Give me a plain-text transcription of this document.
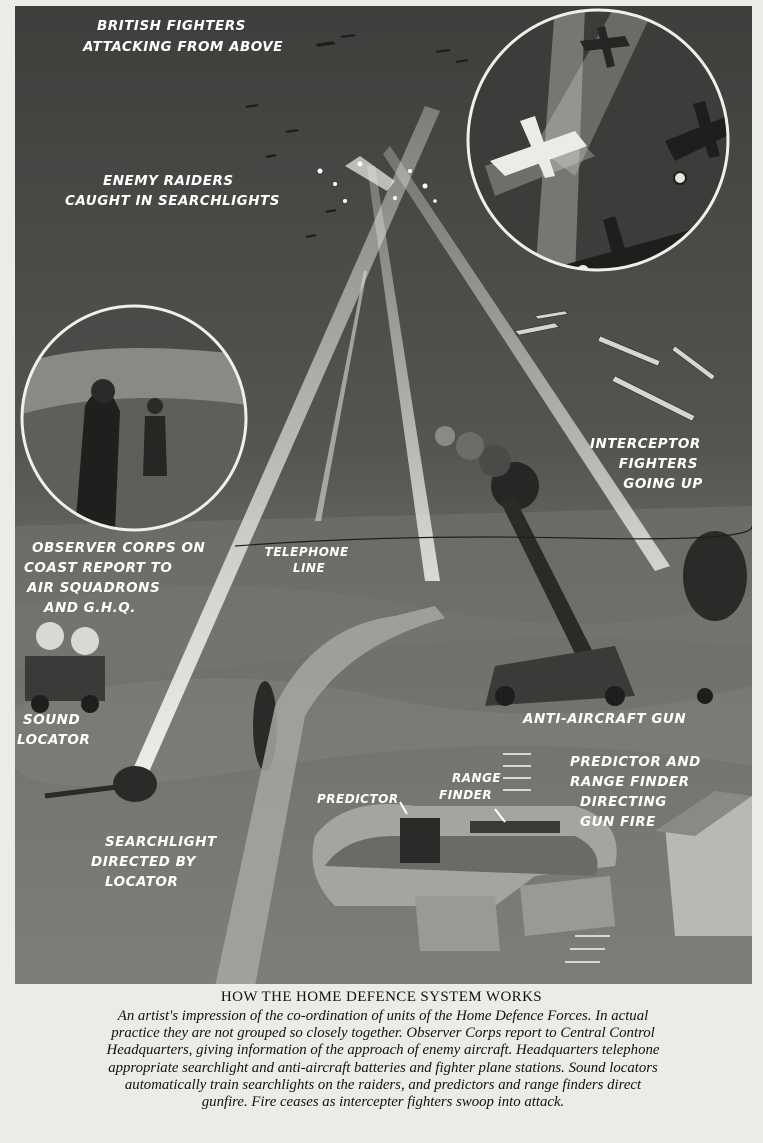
BRITISH FIGHTERS ATTACKING FROM ABOVE
ENEMY RAIDERS CAUGHT IN SEARCHLIGHTS
INTERCEPTOR FIGHTERS GOING UP
OBSERVER CORPS ON COAST REPORT TO AIR SQUADRONS AND G.H.Q.
TELEPHONE LINE
SOUND LOCATOR
ANTI-AIRCRAFT GUN
PREDICTOR AND RANGE FINDER DIRECTING GUN FIRE
RANGE FINDER
PREDICTOR
SEARCHLIGHT DIRECTED BY LOCATOR
HOW THE HOME DEFENCE SYSTEM WORKS
An artist's impression of the co-ordination of units of the Home Defence Forces. In actual
practice they are not grouped so closely together. Observer Corps report to Central Control
Headquarters, giving information of the approach of enemy aircraft. Headquarters telephone
appropriate searchlight and anti-aircraft batteries and fighter plane stations. Sound locators
automatically train searchlights on the raiders, and predictors and range finders direct
gunfire. Fire ceases as intercepter fighters swoop into attack.
